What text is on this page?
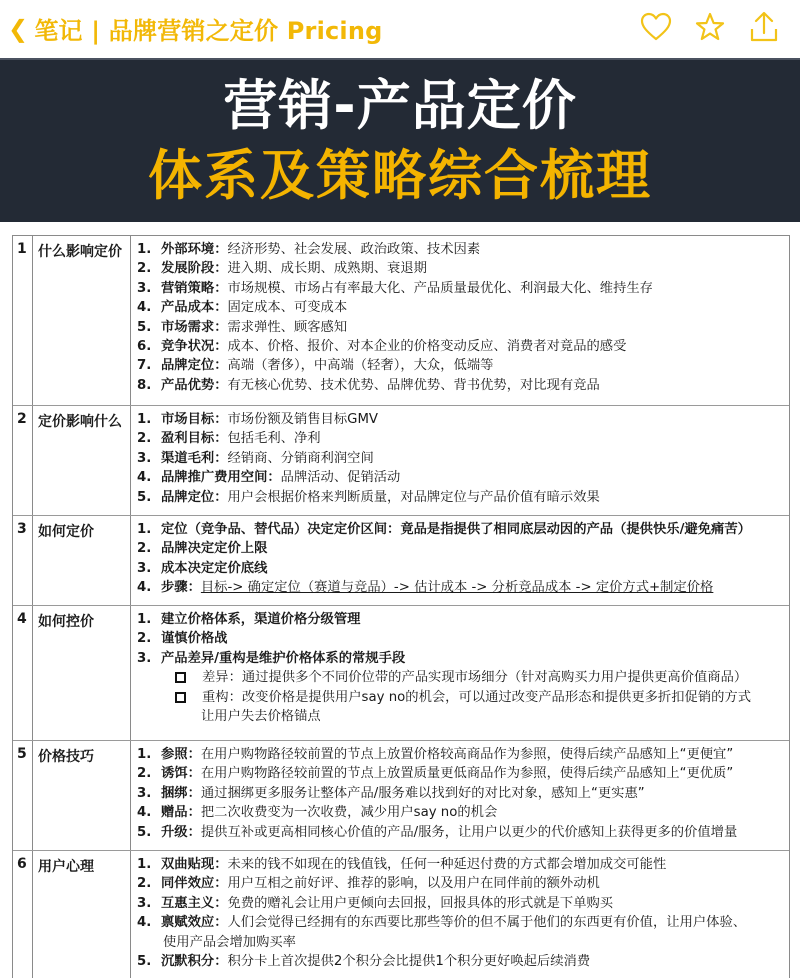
❮ 笔记 | 品牌营销之定价 Pricing
营销-产品定价
体系及策略综合梳理
1 什么影响定价	1. 外部环境 ： 经济形势、社会发展、政治政策、技术因素
2. 发展阶段 ： 进入期、成长期、成熟期、衰退期
3. 营销策略 ： 市场规模、市场占有率最大化、产品质量最优化、利润最大化、维持生存
4. 产品成本 ： 固定成本、可变成本
5. 市场需求 ： 需求弹性、顾客感知
6. 竞争状况 ： 成本、价格、报价、对本企业的价格变动反应、消费者对竟品的感受
7. 品牌定位 ： 高端（奢侈），中高端（轻奢），大众，低端等
8. 产品优势 ： 有无核心优势、技术优势、品牌优势、背书优势，对比现有竞品
2 定价影响什么	1. 市场目标 ： 市场份额及销售目标GMV
2. 盈利目标 ： 包括毛利、净利
3. 渠道毛利 ： 经销商、分销商利润空间
4. 品牌推广费用空间 ： 品牌活动、促销活动
5. 品牌定位 ： 用户会根据价格来判断质量，对品牌定位与产品价值有暗示效果
3 如何定价	1. 定位（竞争品、替代品）决定定价区间：竟品是指提供了相同底层动因的产品（提供快乐/避免痛苦）
2. 品牌决定定价上限
3. 成本决定定价底线
4. 步骤 ： 目标-> 确定定位（赛道与竞品）-> 估计成本 -> 分析竞品成本 -> 定价方式+制定价格
4 如何控价	1. 建立价格体系，渠道价格分级管理
2. 谨慎价格战
3. 产品差异/重构是维护价格体系的常规手段
差异：通过提供多个不同价位带的产品实现市场细分（针对高购买力用户提供更高价值商品）
重构：改变价格是提供用户say no的机会，可以通过改变产品形态和提供更多折扣促销的方式
让用户失去价格锚点
5 价格技巧	1. 参照 ： 在用户购物路径较前置的节点上放置价格较高商品作为参照，使得后续产品感知上“更便宜”
2. 诱饵 ： 在用户购物路径较前置的节点上放置质量更低商品作为参照，使得后续产品感知上“更优质”
3. 捆绑 ： 通过捆绑更多服务让整体产品/服务难以找到好的对比对象，感知上“更实惠”
4. 赠品 ： 把二次收费变为一次收费，减少用户say no的机会
5. 升级 ： 提供互补或更高相同核心价值的产品/服务，让用户以更少的代价感知上获得更多的价值增量
6 用户心理	1. 双曲贴现 ： 未来的钱不如现在的钱值钱，任何一种延迟付费的方式都会增加成交可能性
2. 同伴效应 ： 用户互相之前好评、推荐的影响，以及用户在同伴前的额外动机
3. 互惠主义 ： 免费的赠礼会让用户更倾向去回报，回报具体的形式就是下单购买
4. 禀赋效应 ： 人们会觉得已经拥有的东西要比那些等价的但不属于他们的东西更有价值，让用户体验、
使用产品会增加购买率
5. 沉默积分 ： 积分卡上首次提供2个积分会比提供1个积分更好唤起后续消费
